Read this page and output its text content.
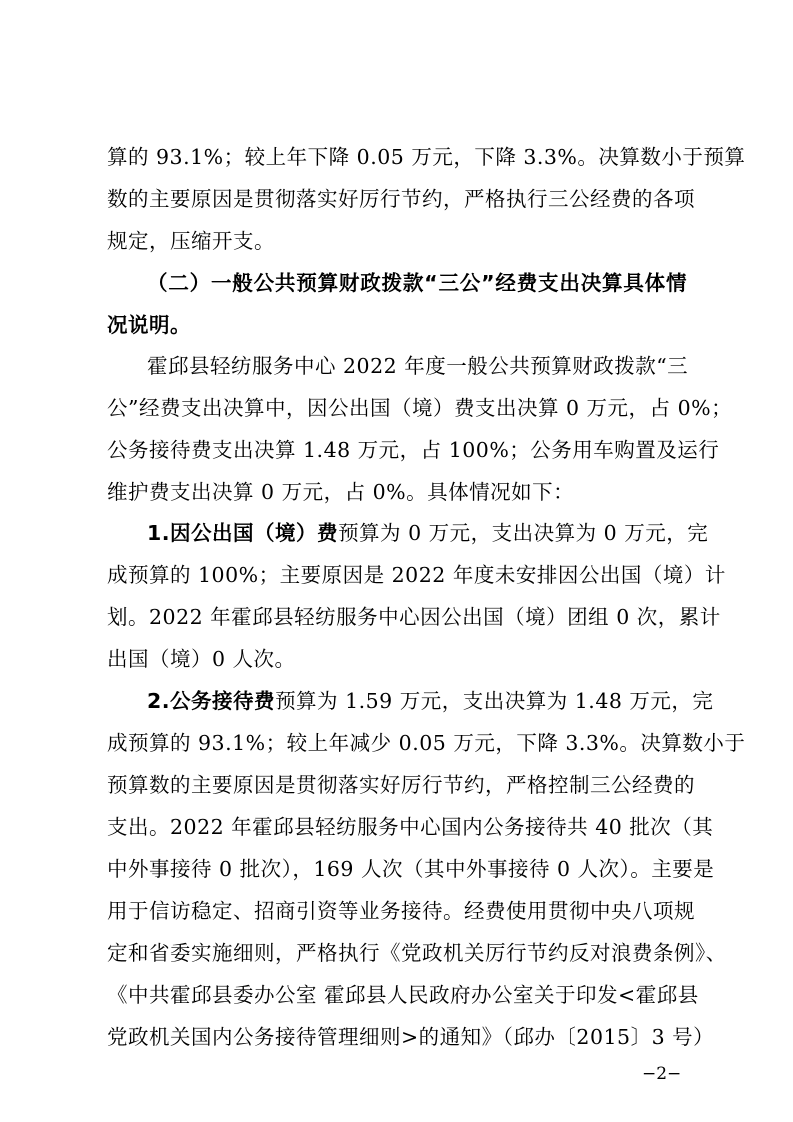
算的 93.1%；较上年下降 0.05 万元，下降 3.3%。决算数小于预算
数的主要原因是贯彻落实好厉行节约，严格执行三公经费的各项
规定，压缩开支。
（二）一般公共预算财政拨款“三公”经费支出决算具体情
况说明。
霍邱县轻纺服务中心 2022 年度一般公共预算财政拨款“三
公”经费支出决算中，因公出国（境）费支出决算 0 万元，占 0%；
公务接待费支出决算 1.48 万元，占 100%；公务用车购置及运行
维护费支出决算 0 万元，占 0%。具体情况如下：
1.因公出国（境）费预算为 0 万元，支出决算为 0 万元，完
成预算的 100%；主要原因是 2022 年度未安排因公出国（境）计
划。2022 年霍邱县轻纺服务中心因公出国（境）团组 0 次，累计
出国（境）0 人次。
2.公务接待费预算为 1.59 万元，支出决算为 1.48 万元，完
成预算的 93.1%；较上年减少 0.05 万元，下降 3.3%。决算数小于
预算数的主要原因是贯彻落实好厉行节约，严格控制三公经费的
支出。2022 年霍邱县轻纺服务中心国内公务接待共 40 批次（其
中外事接待 0 批次），169 人次（其中外事接待 0 人次）。主要是
用于信访稳定、招商引资等业务接待。经费使用贯彻中央八项规
定和省委实施细则，严格执行《党政机关厉行节约反对浪费条例》、
《中共霍邱县委办公室 霍邱县人民政府办公室关于印发<霍邱县
党政机关国内公务接待管理细则>的通知》（邱办〔2015〕3 号）
−2−
